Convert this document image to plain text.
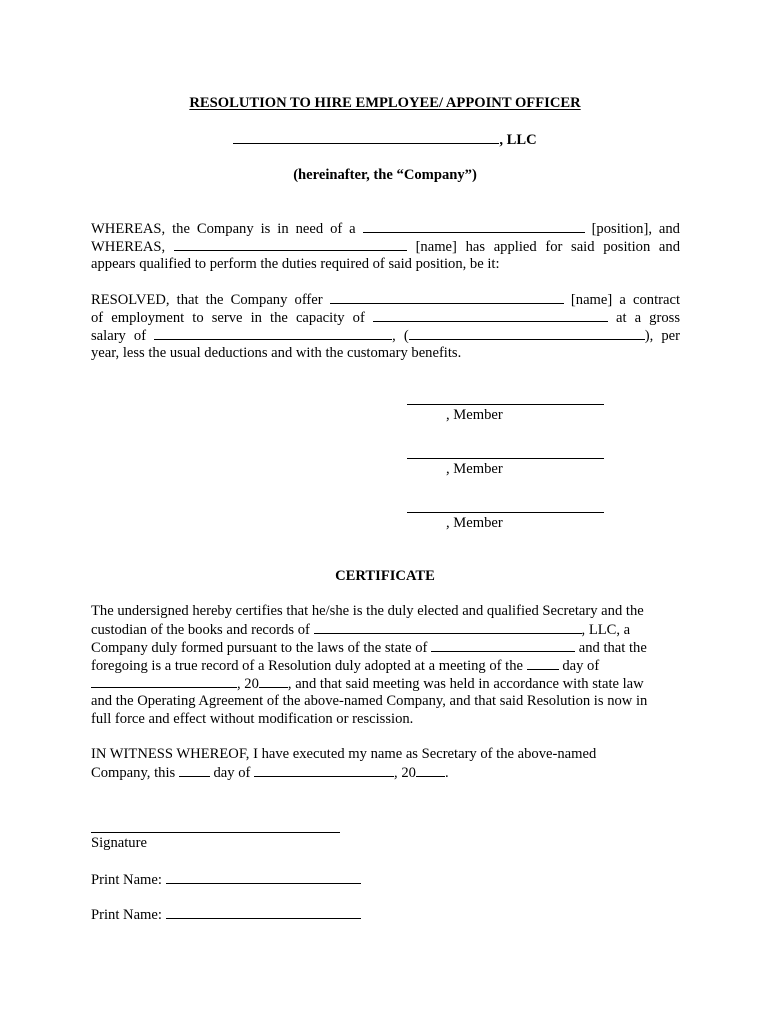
RESOLUTION TO HIRE EMPLOYEE/ APPOINT OFFICER
, LLC
(hereinafter, the “Company”)
WHEREAS, the Company is in need of a	[position], and
WHEREAS,	[name] has applied for said position and
appears qualified to perform the duties required of said position, be it:
RESOLVED, that the Company offer	[name] a contract
of employment to serve in the capacity of	at a gross
salary of	, (	), per
year, less the usual deductions and with the customary benefits.
, Member
, Member
, Member
CERTIFICATE
The undersigned hereby certifies that he/she is the duly elected and qualified Secretary and the
custodian of the books and records of	, LLC, a
Company duly formed pursuant to the laws of the state of	and that the
foregoing is a true record of a Resolution duly adopted at a meeting of the	day of
, 20 , and that said meeting was held in accordance with state law
and the Operating Agreement of the above-named Company, and that said Resolution is now in
full force and effect without modification or rescission.
IN WITNESS WHEREOF, I have executed my name as Secretary of the above-named
Company, this	day of	, 20 .
Signature
Print Name:
Print Name:
